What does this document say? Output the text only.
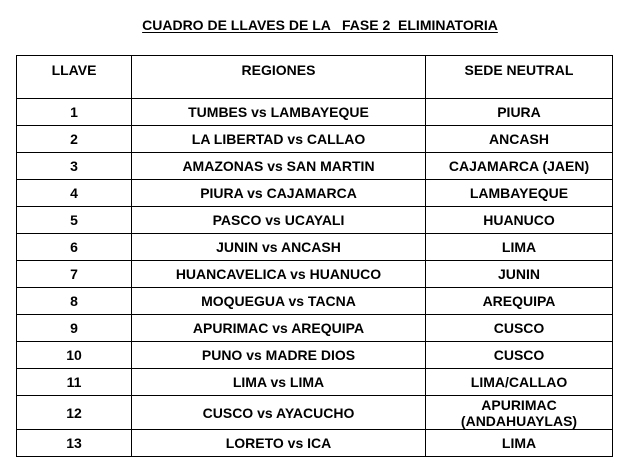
CUADRO DE LLAVES DE LA   FASE 2  ELIMINATORIA
LLAVE	REGIONES	SEDE NEUTRAL
1	TUMBES vs LAMBAYEQUE	PIURA
2	LA LIBERTAD vs CALLAO	ANCASH
3	AMAZONAS vs SAN MARTIN	CAJAMARCA (JAEN)
4	PIURA vs CAJAMARCA	LAMBAYEQUE
5	PASCO vs UCAYALI	HUANUCO
6	JUNIN vs ANCASH	LIMA
7	HUANCAVELICA vs HUANUCO	JUNIN
8	MOQUEGUA vs TACNA	AREQUIPA
9	APURIMAC vs AREQUIPA	CUSCO
10	PUNO vs MADRE DIOS	CUSCO
11	LIMA vs LIMA	LIMA/CALLAO
12	CUSCO vs AYACUCHO	APURIMAC (ANDAHUAYLAS)
13	LORETO vs ICA	LIMA
